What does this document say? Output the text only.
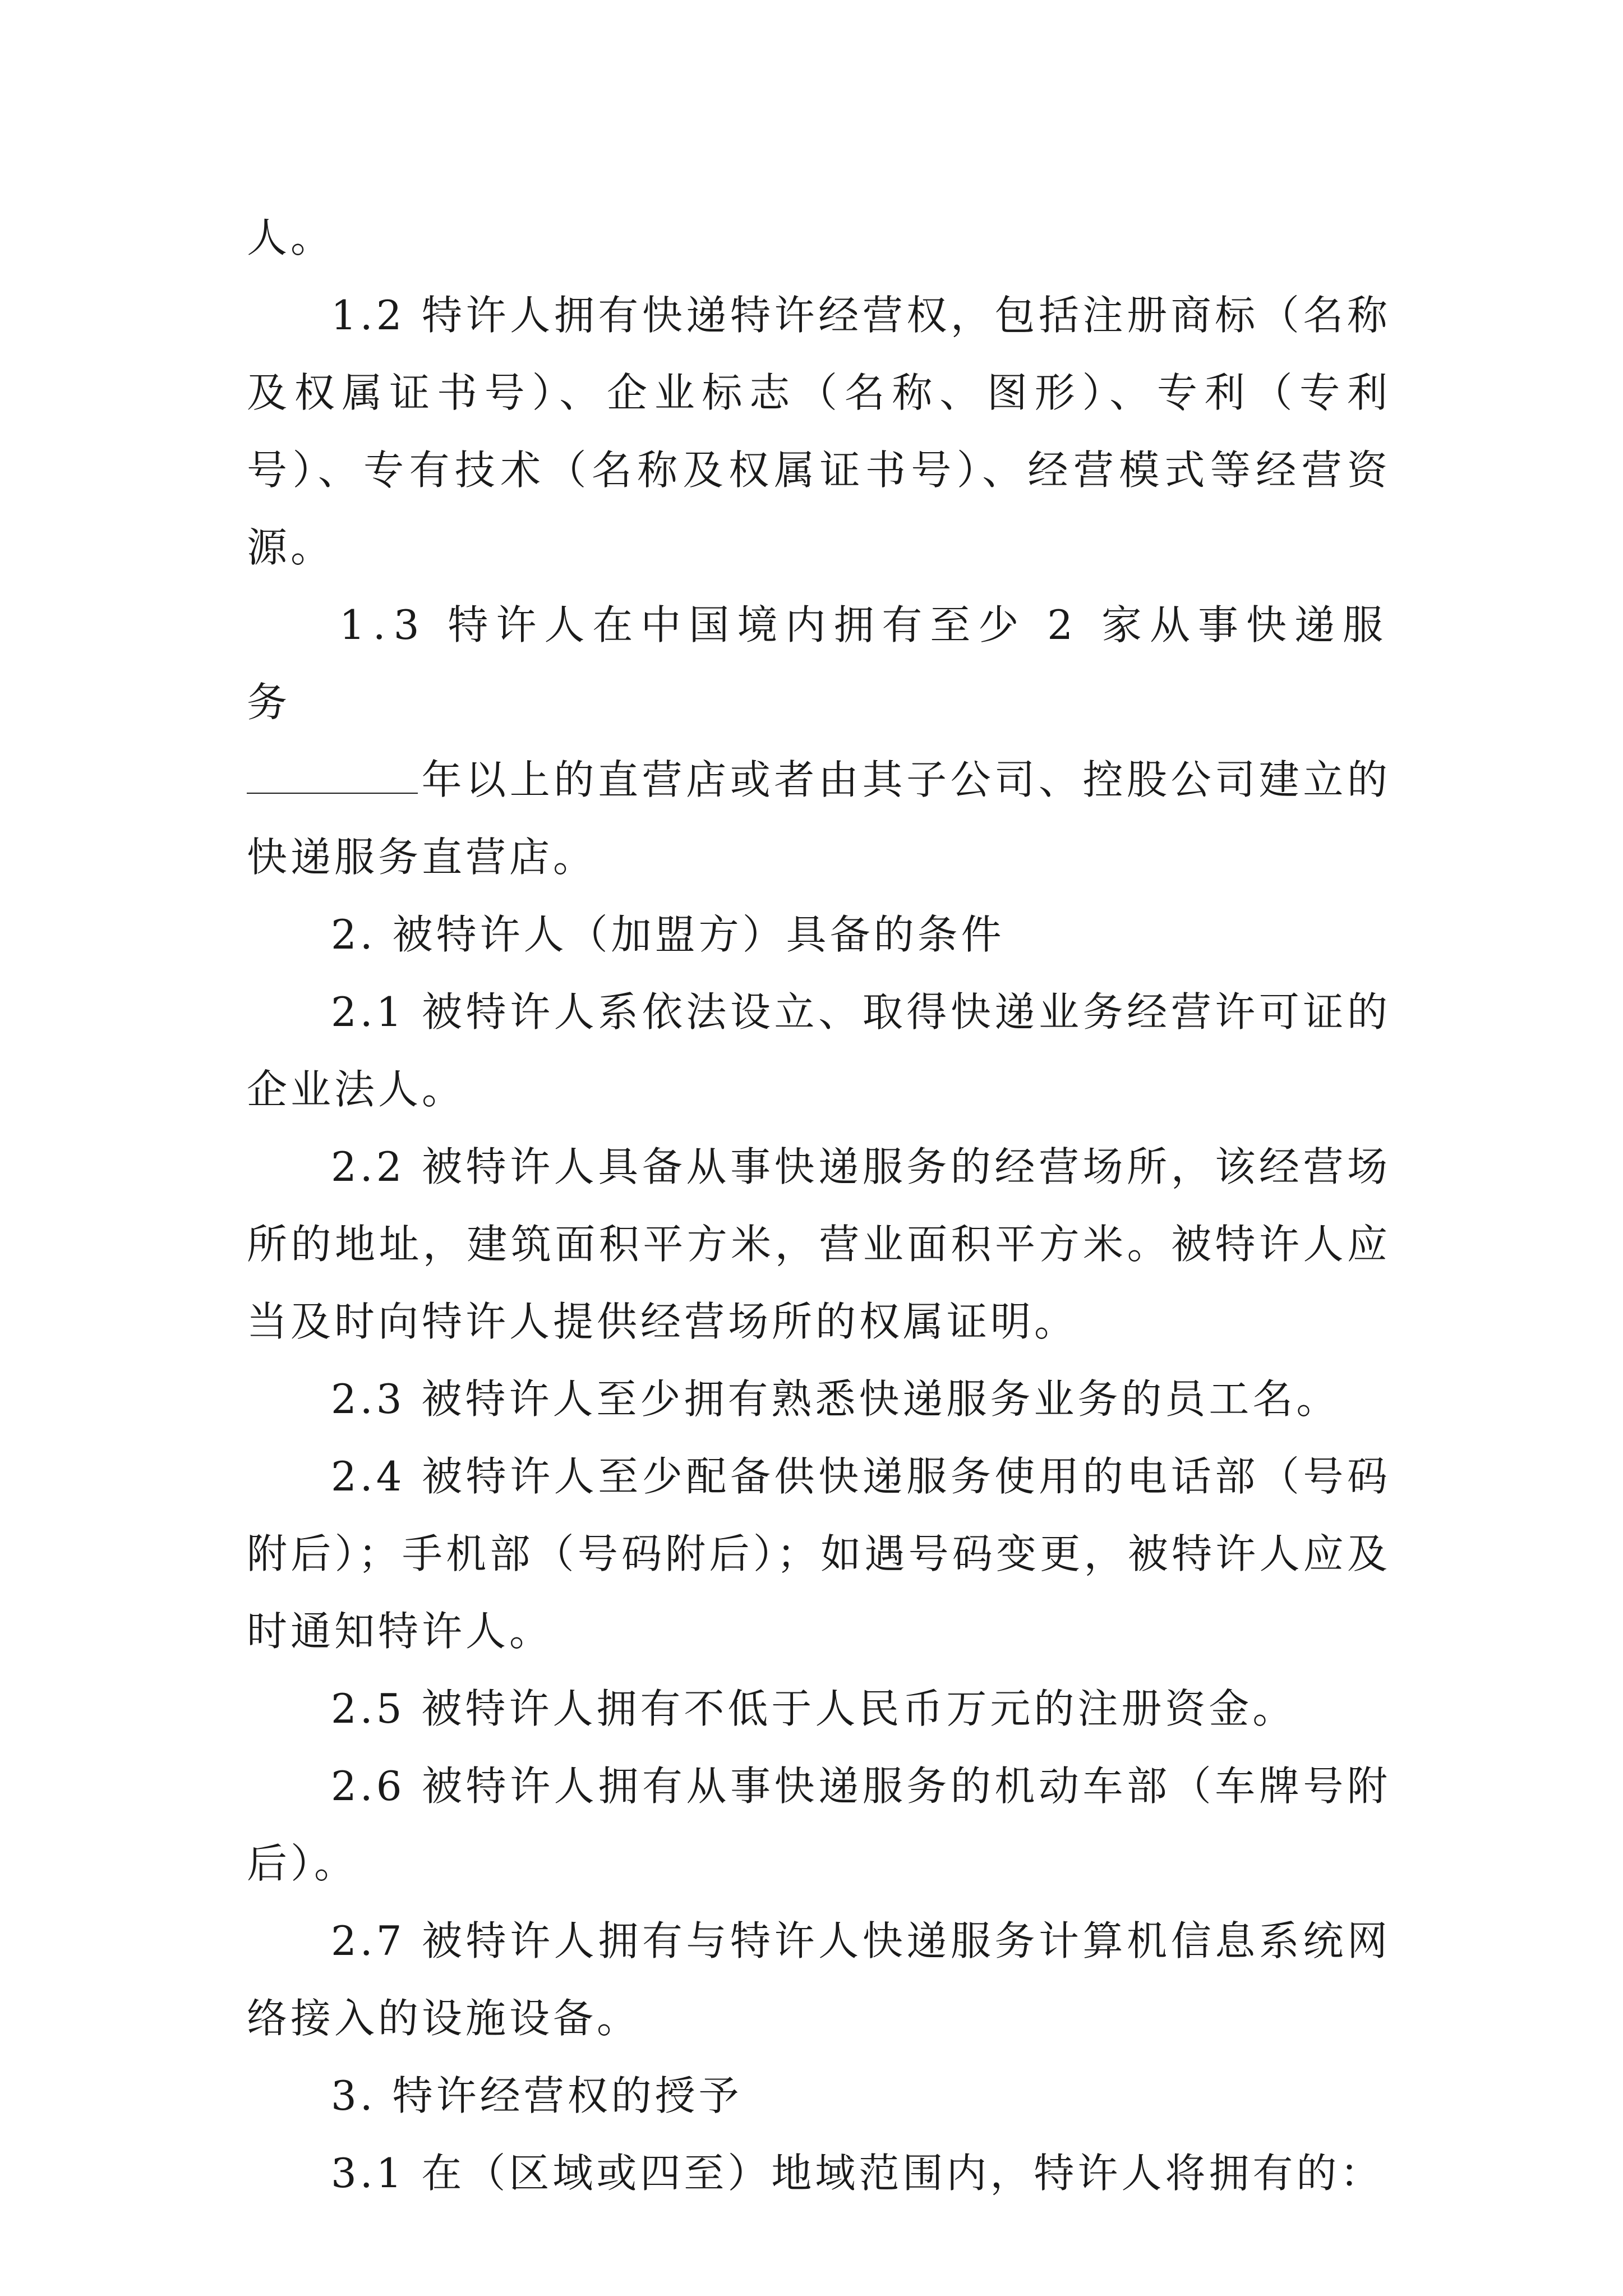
人。

1.2 特许人拥有快递特许经营权，包括注册商标（名称及权属证书号）、企业标志（名称、图形）、专利（专利号）、专有技术（名称及权属证书号）、经营模式等经营资源。

1.3 特许人在中国境内拥有至少 2 家从事快递服务

年以上的直营店或者由其子公司、控股公司建立的快递服务直营店。

2. 被特许人（加盟方）具备的条件

2.1 被特许人系依法设立、取得快递业务经营许可证的企业法人。

2.2 被特许人具备从事快递服务的经营场所，该经营场所的地址，建筑面积平方米，营业面积平方米。被特许人应当及时向特许人提供经营场所的权属证明。

2.3 被特许人至少拥有熟悉快递服务业务的员工名。

2.4 被特许人至少配备供快递服务使用的电话部（号码附后）；手机部（号码附后）；如遇号码变更，被特许人应及时通知特许人。

2.5 被特许人拥有不低于人民币万元的注册资金。

2.6 被特许人拥有从事快递服务的机动车部（车牌号附后）。

2.7 被特许人拥有与特许人快递服务计算机信息系统网络接入的设施设备。

3. 特许经营权的授予

3.1 在（区域或四至）地域范围内，特许人将拥有的：
